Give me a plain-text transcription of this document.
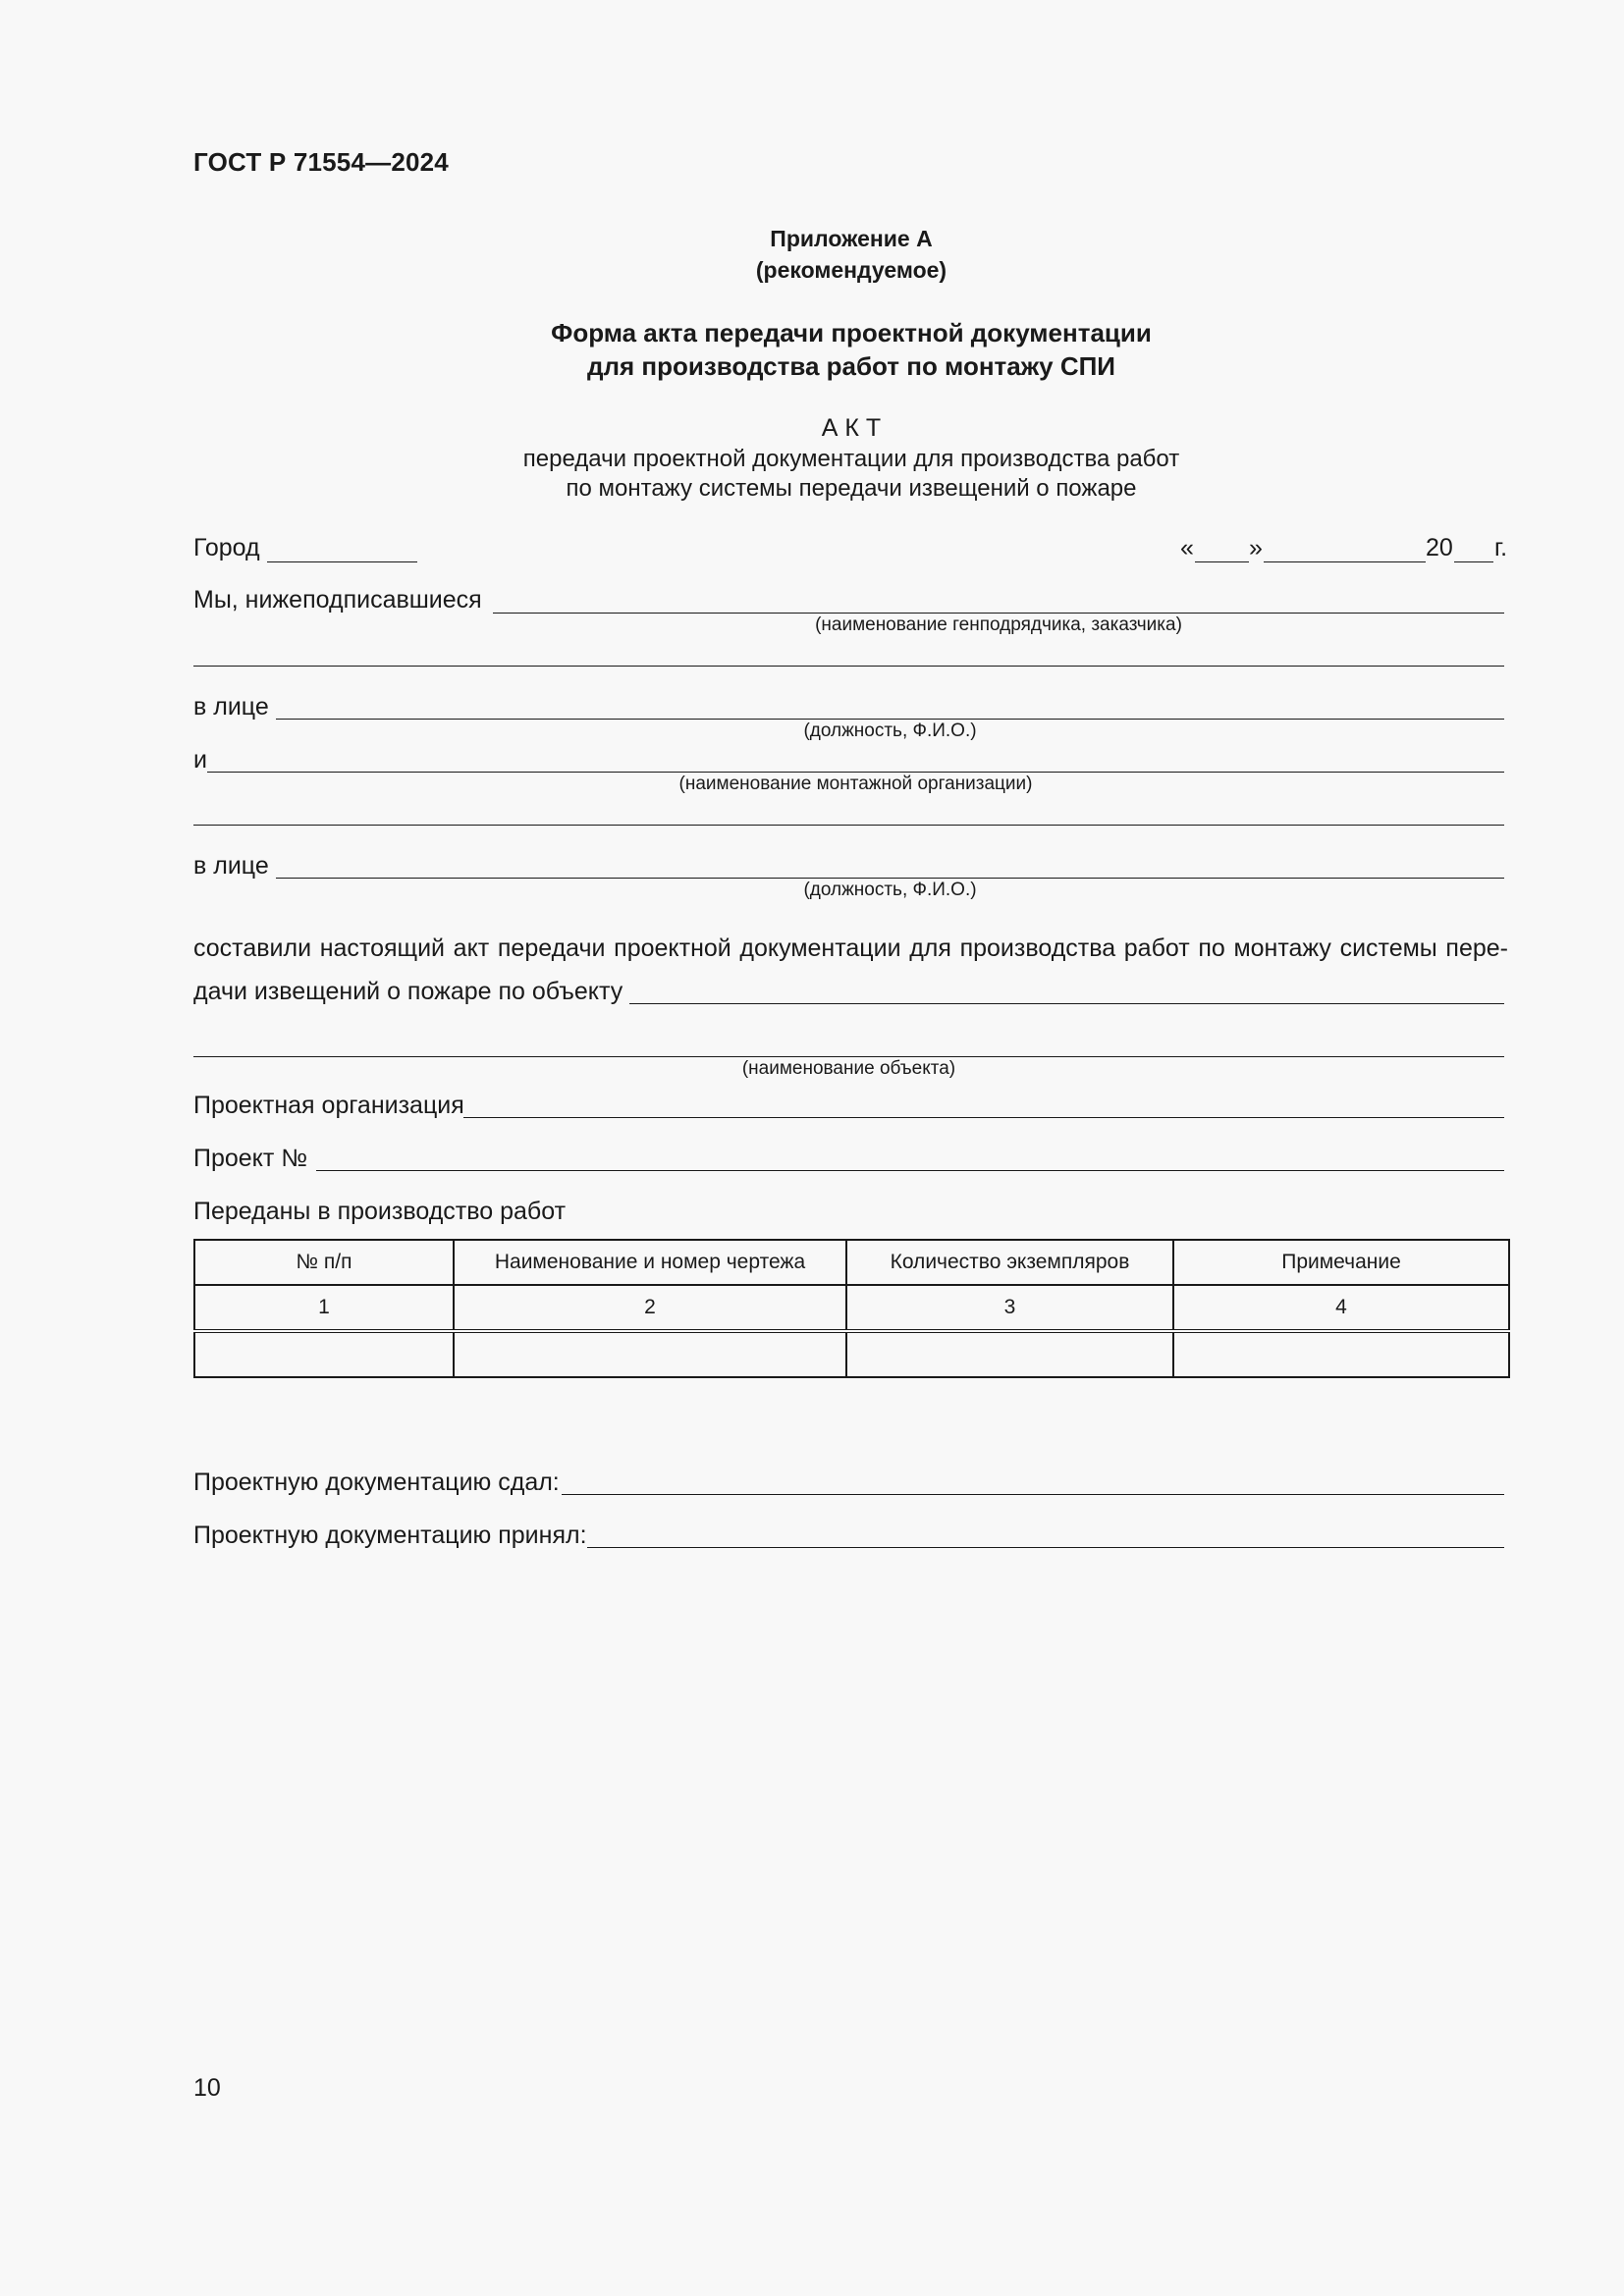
ГОСТ Р 71554—2024
Приложение А
(рекомендуемое)
Форма акта передачи проектной документации
для производства работ по монтажу СПИ
А К Т
передачи проектной документации для производства работ
по монтажу системы передачи извещений о пожаре
Город	« »	20 г.
Мы, нижеподписавшиеся
(наименование генподрядчика, заказчика)
в лице
(должность, Ф.И.О.)
и
(наименование монтажной организации)
в лице
(должность, Ф.И.О.)
составили настоящий акт передачи проектной документации для производства работ по монтажу системы пере-
дачи извещений о пожаре по объекту
(наименование объекта)
Проектная организация
Проект №
Переданы в производство работ
№ п/п	Наименование и номер чертежа	Количество экземпляров	Примечание
1	2	3	4

Проектную документацию сдал:
Проектную документацию принял:
10
